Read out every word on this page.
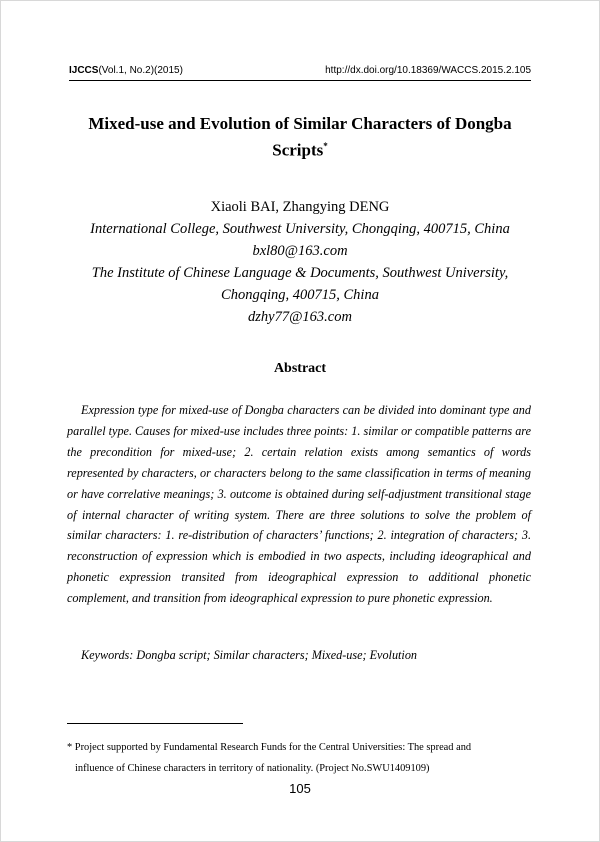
IJCCS(Vol.1, No.2)(2015)	http://dx.doi.org/10.18369/WACCS.2015.2.105
Mixed-use and Evolution of Similar Characters of Dongba Scripts*
Xiaoli BAI, Zhangying DENG
International College, Southwest University, Chongqing, 400715, China
bxl80@163.com
The Institute of Chinese Language & Documents, Southwest University,
Chongqing, 400715, China
dzhy77@163.com
Abstract

Expression type for mixed-use of Dongba characters can be divided into dominant type and parallel type. Causes for mixed-use includes three points: 1. similar or compatible patterns are the precondition for mixed-use; 2. certain relation exists among semantics of words represented by characters, or characters belong to the same classification in terms of meaning or have correlative meanings; 3. outcome is obtained during self-adjustment transitional stage of internal character of writing system. There are three solutions to solve the problem of similar characters: 1. re-distribution of characters’ functions; 2. integration of characters; 3. reconstruction of expression which is embodied in two aspects, including ideographical and phonetic expression transited from ideographical expression to additional phonetic complement, and transition from ideographical expression to pure phonetic expression.

Keywords: Dongba script; Similar characters; Mixed-use; Evolution
* Project supported by Fundamental Research Funds for the Central Universities: The spread and
influence of Chinese characters in territory of nationality. (Project No.SWU1409109)
105
